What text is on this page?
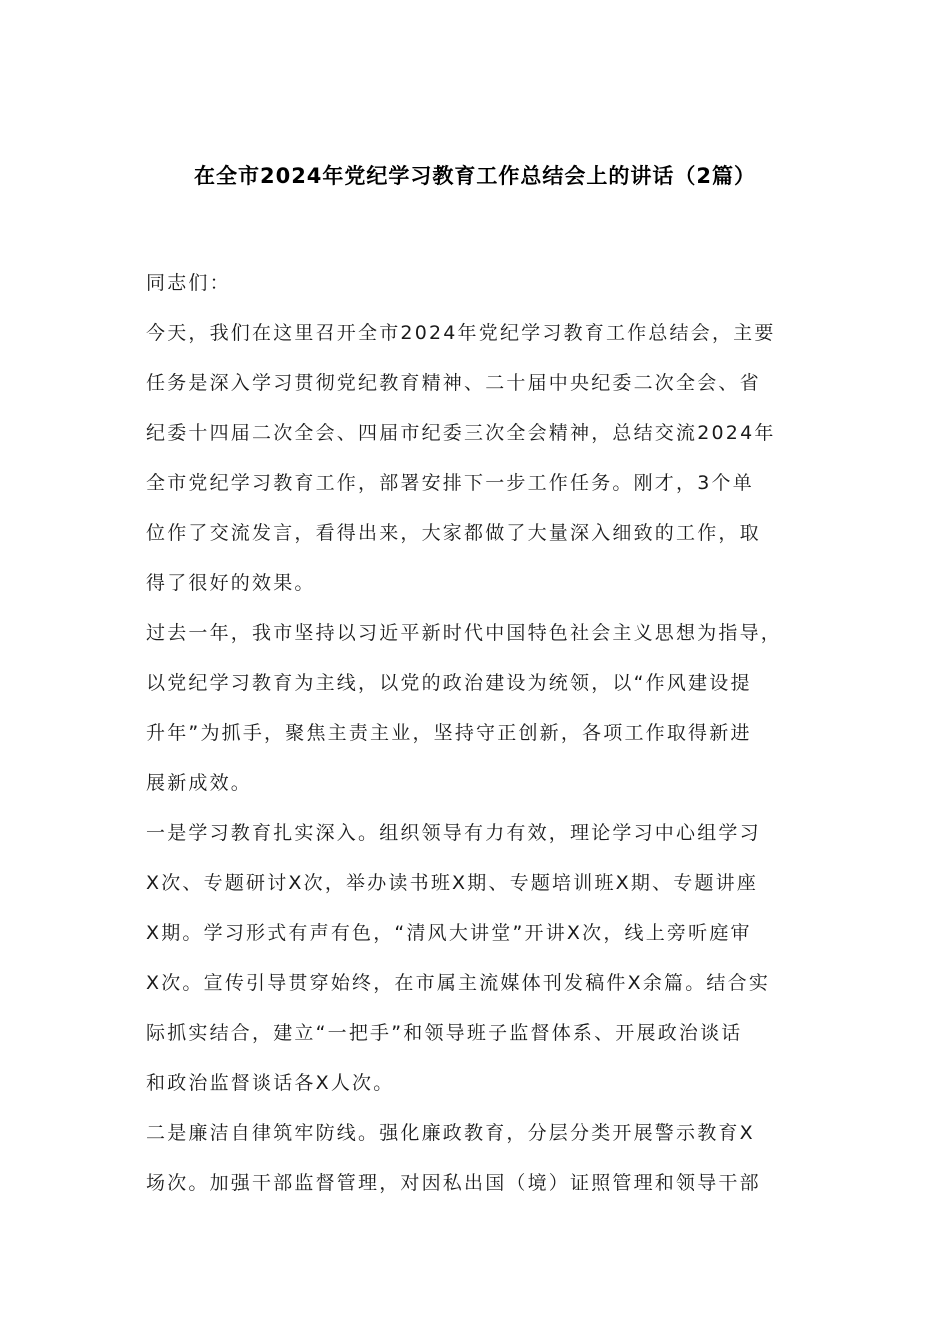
在全市2024年党纪学习教育工作总结会上的讲话（2篇）

同志们：

今天，我们在这里召开全市2024年党纪学习教育工作总结会，主要
任务是深入学习贯彻党纪教育精神、二十届中央纪委二次全会、省
纪委十四届二次全会、四届市纪委三次全会精神，总结交流2024年
全市党纪学习教育工作，部署安排下一步工作任务。刚才，3个单
位作了交流发言，看得出来，大家都做了大量深入细致的工作，取
得了很好的效果。

过去一年，我市坚持以习近平新时代中国特色社会主义思想为指导，
以党纪学习教育为主线，以党的政治建设为统领，以“作风建设提
升年”为抓手，聚焦主责主业，坚持守正创新，各项工作取得新进
展新成效。

一是学习教育扎实深入。组织领导有力有效，理论学习中心组学习
X次、专题研讨X次，举办读书班X期、专题培训班X期、专题讲座
X期。学习形式有声有色，“清风大讲堂”开讲X次，线上旁听庭审
X次。宣传引导贯穿始终，在市属主流媒体刊发稿件X余篇。结合实
际抓实结合，建立“一把手”和领导班子监督体系、开展政治谈话
和政治监督谈话各X人次。

二是廉洁自律筑牢防线。强化廉政教育，分层分类开展警示教育X
场次。加强干部监督管理，对因私出国（境）证照管理和领导干部
